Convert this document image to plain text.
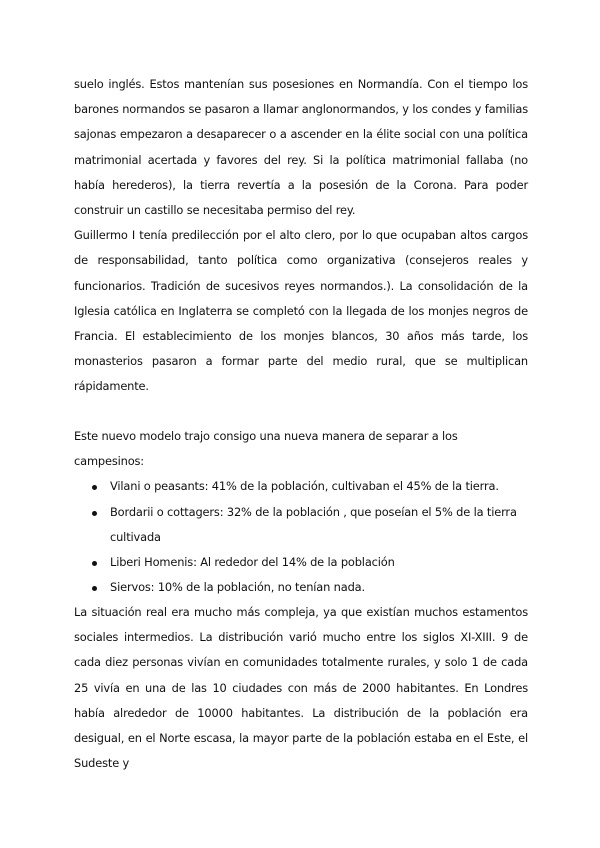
suelo inglés. Estos mantenían sus posesiones en Normandía. Con el tiempo los barones normandos se pasaron a llamar anglonormandos, y los condes y familias sajonas empezaron a desaparecer o a ascender en la élite social con una política matrimonial acertada y favores del rey. Si la política matrimonial fallaba (no había herederos), la tierra revertía a la posesión de la Corona. Para poder construir un castillo se necesitaba permiso del rey.

Guillermo I tenía predilección por el alto clero, por lo que ocupaban altos cargos de responsabilidad, tanto política como organizativa (consejeros reales y funcionarios. Tradición de sucesivos reyes normandos.). La consolidación de la Iglesia católica en Inglaterra se completó con la llegada de los monjes negros de Francia. El establecimiento de los monjes blancos, 30 años más tarde, los monasterios pasaron a formar parte del medio rural, que se multiplican rápidamente.

Este nuevo modelo trajo consigo una nueva manera de separar a los campesinos:

Vilani o peasants: 41% de la población, cultivaban el 45% de la tierra.
Bordarii o cottagers: 32% de la población , que poseían el 5% de la tierra cultivada
Liberi Homenis: Al rededor del 14% de la población
Siervos: 10% de la población, no tenían nada.

La situación real era mucho más compleja, ya que existían muchos estamentos sociales intermedios. La distribución varió mucho entre los siglos XI-XIII. 9 de cada diez personas vivían en comunidades totalmente rurales, y solo 1 de cada 25 vivía en una de las 10 ciudades con más de 2000 habitantes. En Londres había alrededor de 10000 habitantes. La distribución de la población era desigual, en el Norte escasa, la mayor parte de la población estaba en el Este, el Sudeste y
